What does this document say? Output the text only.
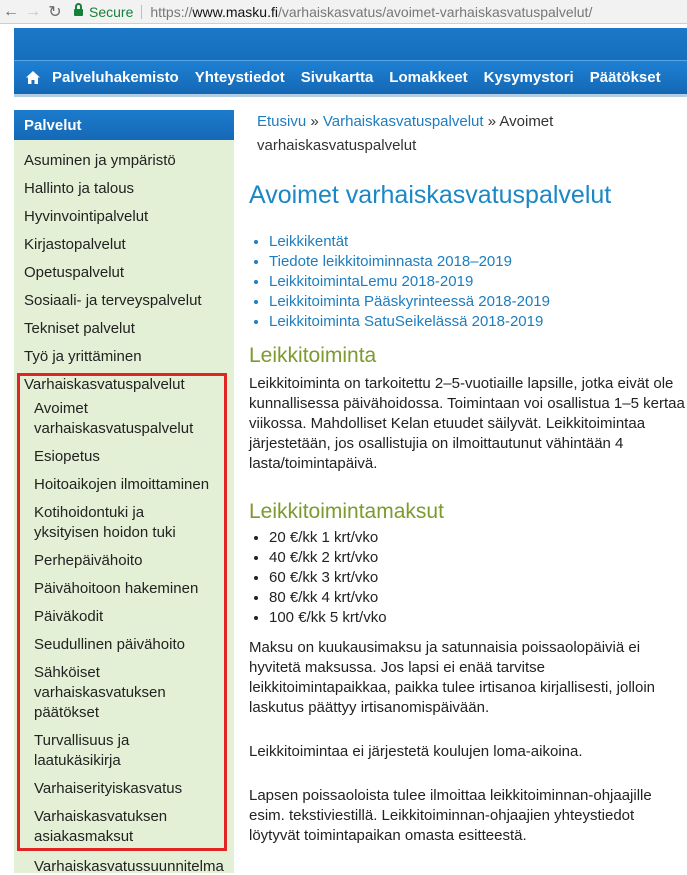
← → ↻	Secure https:// www.masku.fi /varhaiskasvatus/avoimet-varhaiskasvatuspalvelut/
Palveluhakemisto Yhteystiedot Sivukartta Lomakkeet Kysymystori Päätökset
Palvelut
Asuminen ja ympäristö
Hallinto ja talous
Hyvinvointipalvelut
Kirjastopalvelut
Opetuspalvelut
Sosiaali- ja terveyspalvelut
Tekniset palvelut
Työ ja yrittäminen
Varhaiskasvatuspalvelut
Avoimet varhaiskasvatuspalvelut
Esiopetus
Hoitoaikojen ilmoittaminen
Kotihoidontuki ja yksityisen hoidon tuki
Perhepäivähoito
Päivähoitoon hakeminen
Päiväkodit
Seudullinen päivähoito
Sähköiset varhaiskasvatuksen päätökset
Turvallisuus ja laatukäsikirja
Varhaiserityiskasvatus
Varhaiskasvatuksen asiakasmaksut
Varhaiskasvatussuunnitelma
Etusivu » Varhaiskasvatuspalvelut » Avoimet varhaiskasvatuspalvelut
Avoimet varhaiskasvatuspalvelut
• Leikkikentät
• Tiedote leikkitoiminnasta 2018–2019
• LeikkitoimintaLemu 2018-2019
• Leikkitoiminta Pääskyrinteessä 2018-2019
• Leikkitoiminta SatuSeikelässä 2018-2019
Leikkitoiminta

Leikkitoiminta on tarkoitettu 2–5-vuotiaille lapsille, jotka eivät ole kunnallisessa päivähoidossa. Toimintaan voi osallistua 1–5 kertaa viikossa. Mahdolliset Kelan etuudet säilyvät. Leikkitoimintaa järjestetään, jos osallistujia on ilmoittautunut vähintään 4 lasta/toimintapäivä.

Leikkitoimintamaksut
• 20 €/kk 1 krt/vko
• 40 €/kk 2 krt/vko
• 60 €/kk 3 krt/vko
• 80 €/kk 4 krt/vko
• 100 €/kk 5 krt/vko

Maksu on kuukausimaksu ja satunnaisia poissaolopäiviä ei hyvitetä maksussa. Jos lapsi ei enää tarvitse leikkitoimintapaikkaa, paikka tulee irtisanoa kirjallisesti, jolloin laskutus päättyy irtisanomispäivään.

Leikkitoimintaa ei järjestetä koulujen loma-aikoina.

Lapsen poissaoloista tulee ilmoittaa leikkitoiminnan-ohjaajille esim. tekstiviestillä. Leikkitoiminnan-ohjaajien yhteystiedot löytyvät toimintapaikan omasta esitteestä.
